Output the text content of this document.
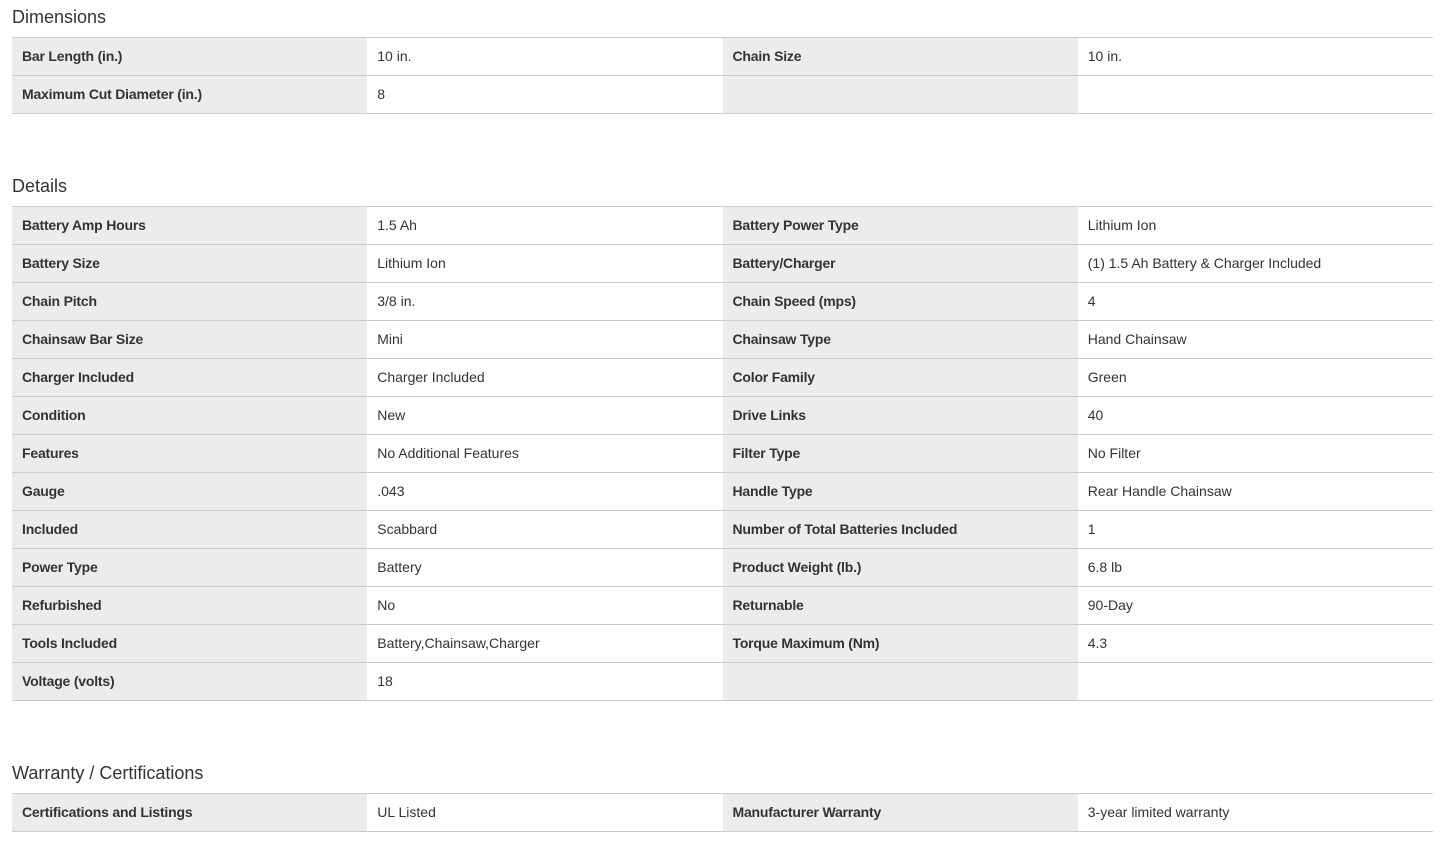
Dimensions
Bar Length (in.)	10 in.	Chain Size	10 in.
Maximum Cut Diameter (in.)	8
Details
Battery Amp Hours	1.5 Ah	Battery Power Type	Lithium Ion
Battery Size	Lithium Ion	Battery/Charger	(1) 1.5 Ah Battery & Charger Included
Chain Pitch	3/8 in.	Chain Speed (mps)	4
Chainsaw Bar Size	Mini	Chainsaw Type	Hand Chainsaw
Charger Included	Charger Included	Color Family	Green
Condition	New	Drive Links	40
Features	No Additional Features	Filter Type	No Filter
Gauge	.043	Handle Type	Rear Handle Chainsaw
Included	Scabbard	Number of Total Batteries Included	1
Power Type	Battery	Product Weight (lb.)	6.8 lb
Refurbished	No	Returnable	90-Day
Tools Included	Battery,Chainsaw,Charger	Torque Maximum (Nm)	4.3
Voltage (volts)	18
Warranty / Certifications
Certifications and Listings	UL Listed	Manufacturer Warranty	3-year limited warranty
